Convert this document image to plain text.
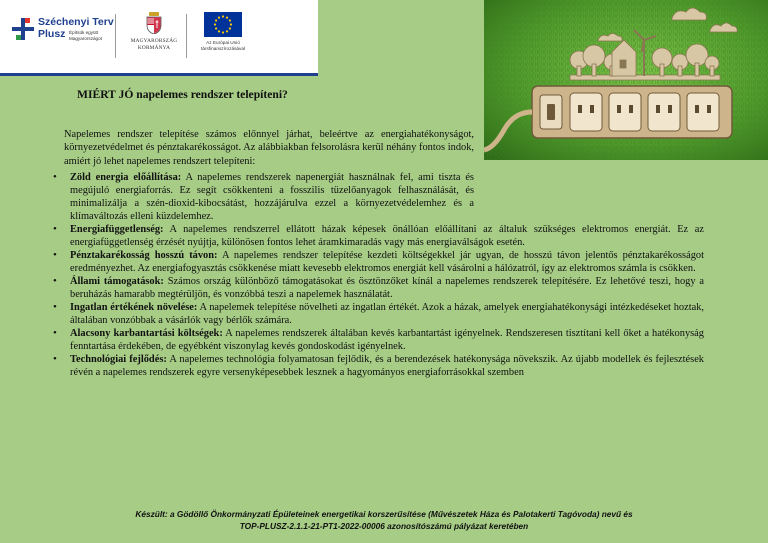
Széchenyi Terv
Plusz Építsük együtt Magyarországot	MAGYARORSZÁG KORMÁNYA
Az Európai Unió társfinanszírozásával
MIÉRT JÓ napelemes rendszer telepíteni?

Napelemes rendszer telepítése számos előnnyel járhat, beleértve az energiahatékonyságot, környezetvédelmet és pénztakarékosságot. Az alábbiakban felsorolásra kerül néhány fontos indok, amiért jó lehet napelemes rendszert telepíteni:

• Zöld energia előállítása: A napelemes rendszerek napenergiát használnak fel, ami tiszta és megújuló energiaforrás. Ez segít csökkenteni a fosszilis tüzelőanyagok felhasználását, és minimalizálja a szén-dioxid-kibocsátást, hozzájárulva ezzel a környezetvédelemhez és a klímaváltozás elleni küzdelemhez.
• Energiafüggetlenség: A napelemes rendszerrel ellátott házak képesek önállóan előállítani az általuk szükséges elektromos energiát. Ez az energiafüggetlenség érzését nyújtja, különösen fontos lehet áramkimaradás vagy más energiaválságok esetén.
• Pénztakarékosság hosszú távon: A napelemes rendszer telepítése kezdeti költségekkel jár ugyan, de hosszú távon jelentős pénztakarékosságot eredményezhet. Az energiafogyasztás csökkenése miatt kevesebb elektromos energiát kell vásárolni a hálózatról, így az elektromos számla is csökken.
• Állami támogatások: Számos ország különböző támogatásokat és ösztönzőket kínál a napelemes rendszerek telepítésére. Ez lehetővé teszi, hogy a beruházás hamarabb megtérüljön, és vonzóbbá teszi a napelemek használatát.
• Ingatlan értékének növelése: A napelemek telepítése növelheti az ingatlan értékét. Azok a házak, amelyek energiahatékonysági intézkedéseket hoztak, általában vonzóbbak a vásárlók vagy bérlők számára.
• Alacsony karbantartási költségek: A napelemes rendszerek általában kevés karbantartást igényelnek. Rendszeresen tisztítani kell őket a hatékonyság fenntartása érdekében, de egyébként viszonylag kevés gondoskodást igényelnek.
• Technológiai fejlődés: A napelemes technológia folyamatosan fejlődik, és a berendezések hatékonysága növekszik. Az újabb modellek és fejlesztések révén a napelemes rendszerek egyre versenyképesebbek lesznek a hagyományos energiaforrásokkal szemben
Készült: a Gödöllő Önkormányzati Épületeinek energetikai korszerűsítése (Művészetek Háza és Palotakerti Tagóvoda) nevű és
TOP-PLUSZ-2.1.1-21-PT1-2022-00006 azonosítószámú pályázat keretében
